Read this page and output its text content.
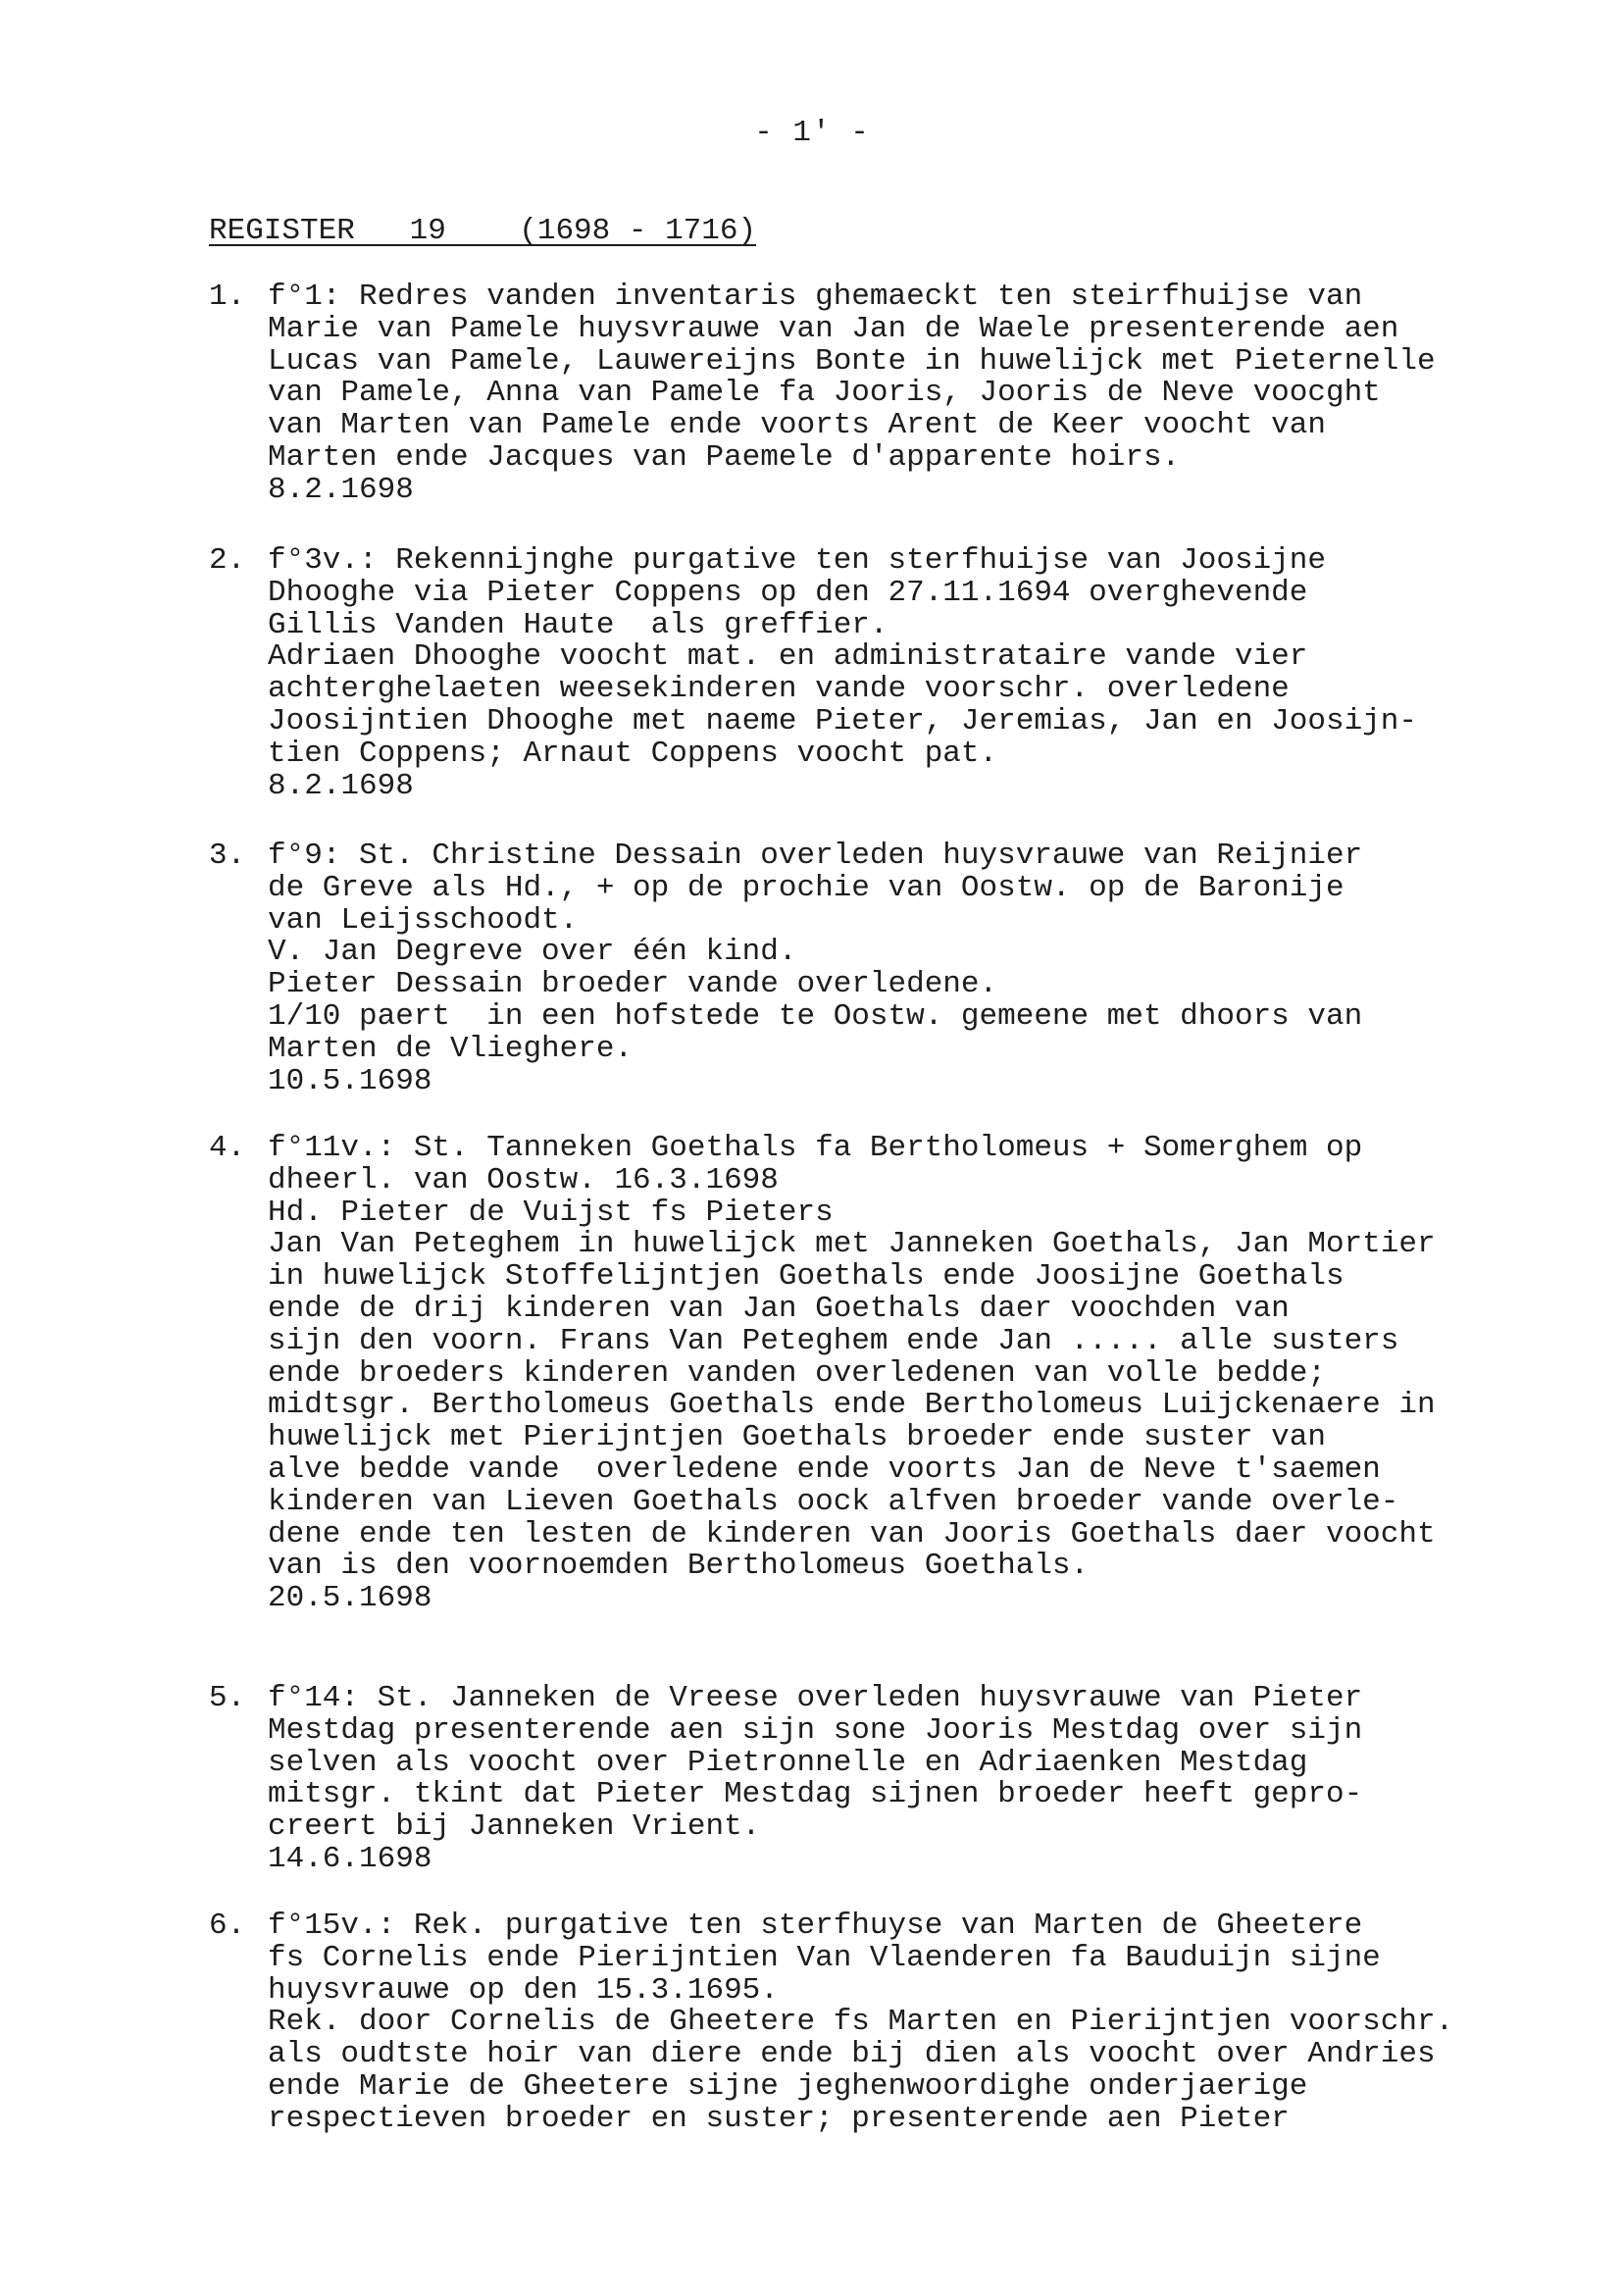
- 1' -
REGISTER   19    (1698 - 1716)
1. f°1: Redres vanden inventaris ghemaeckt ten steirfhuijse van
Marie van Pamele huysvrauwe van Jan de Waele presenterende aen
Lucas van Pamele, Lauwereijns Bonte in huwelijck met Pieternelle
van Pamele, Anna van Pamele fa Jooris, Jooris de Neve voocght
van Marten van Pamele ende voorts Arent de Keer voocht van
Marten ende Jacques van Paemele d'apparente hoirs.
8.2.1698
2. f°3v.: Rekennijnghe purgative ten sterfhuijse van Joosijne
Dhooghe via Pieter Coppens op den 27.11.1694 overghevende
Gillis Vanden Haute  als greffier.
Adriaen Dhooghe voocht mat. en administrataire vande vier
achterghelaeten weesekinderen vande voorschr. overledene
Joosijntien Dhooghe met naeme Pieter, Jeremias, Jan en Joosijn-
tien Coppens; Arnaut Coppens voocht pat.
8.2.1698
3. f°9: St. Christine Dessain overleden huysvrauwe van Reijnier
de Greve als Hd., + op de prochie van Oostw. op de Baronije
van Leijsschoodt.
V. Jan Degreve over één kind.
Pieter Dessain broeder vande overledene.
1/10 paert  in een hofstede te Oostw. gemeene met dhoors van
Marten de Vlieghere.
10.5.1698
4. f°11v.: St. Tanneken Goethals fa Bertholomeus + Somerghem op
dheerl. van Oostw. 16.3.1698
Hd. Pieter de Vuijst fs Pieters
Jan Van Peteghem in huwelijck met Janneken Goethals, Jan Mortier
in huwelijck Stoffelijntjen Goethals ende Joosijne Goethals
ende de drij kinderen van Jan Goethals daer voochden van
sijn den voorn. Frans Van Peteghem ende Jan ..... alle susters
ende broeders kinderen vanden overledenen van volle bedde;
midtsgr. Bertholomeus Goethals ende Bertholomeus Luijckenaere in
huwelijck met Pierijntjen Goethals broeder ende suster van
alve bedde vande  overledene ende voorts Jan de Neve t'saemen
kinderen van Lieven Goethals oock alfven broeder vande overle-
dene ende ten lesten de kinderen van Jooris Goethals daer voocht
van is den voornoemden Bertholomeus Goethals.
20.5.1698
5. f°14: St. Janneken de Vreese overleden huysvrauwe van Pieter
Mestdag presenterende aen sijn sone Jooris Mestdag over sijn
selven als voocht over Pietronnelle en Adriaenken Mestdag
mitsgr. tkint dat Pieter Mestdag sijnen broeder heeft gepro-
creert bij Janneken Vrient.
14.6.1698
6. f°15v.: Rek. purgative ten sterfhuyse van Marten de Gheetere
fs Cornelis ende Pierijntien Van Vlaenderen fa Bauduijn sijne
huysvrauwe op den 15.3.1695.
Rek. door Cornelis de Gheetere fs Marten en Pierijntjen voorschr.
als oudtste hoir van diere ende bij dien als voocht over Andries
ende Marie de Gheetere sijne jeghenwoordighe onderjaerige
respectieven broeder en suster; presenterende aen Pieter
